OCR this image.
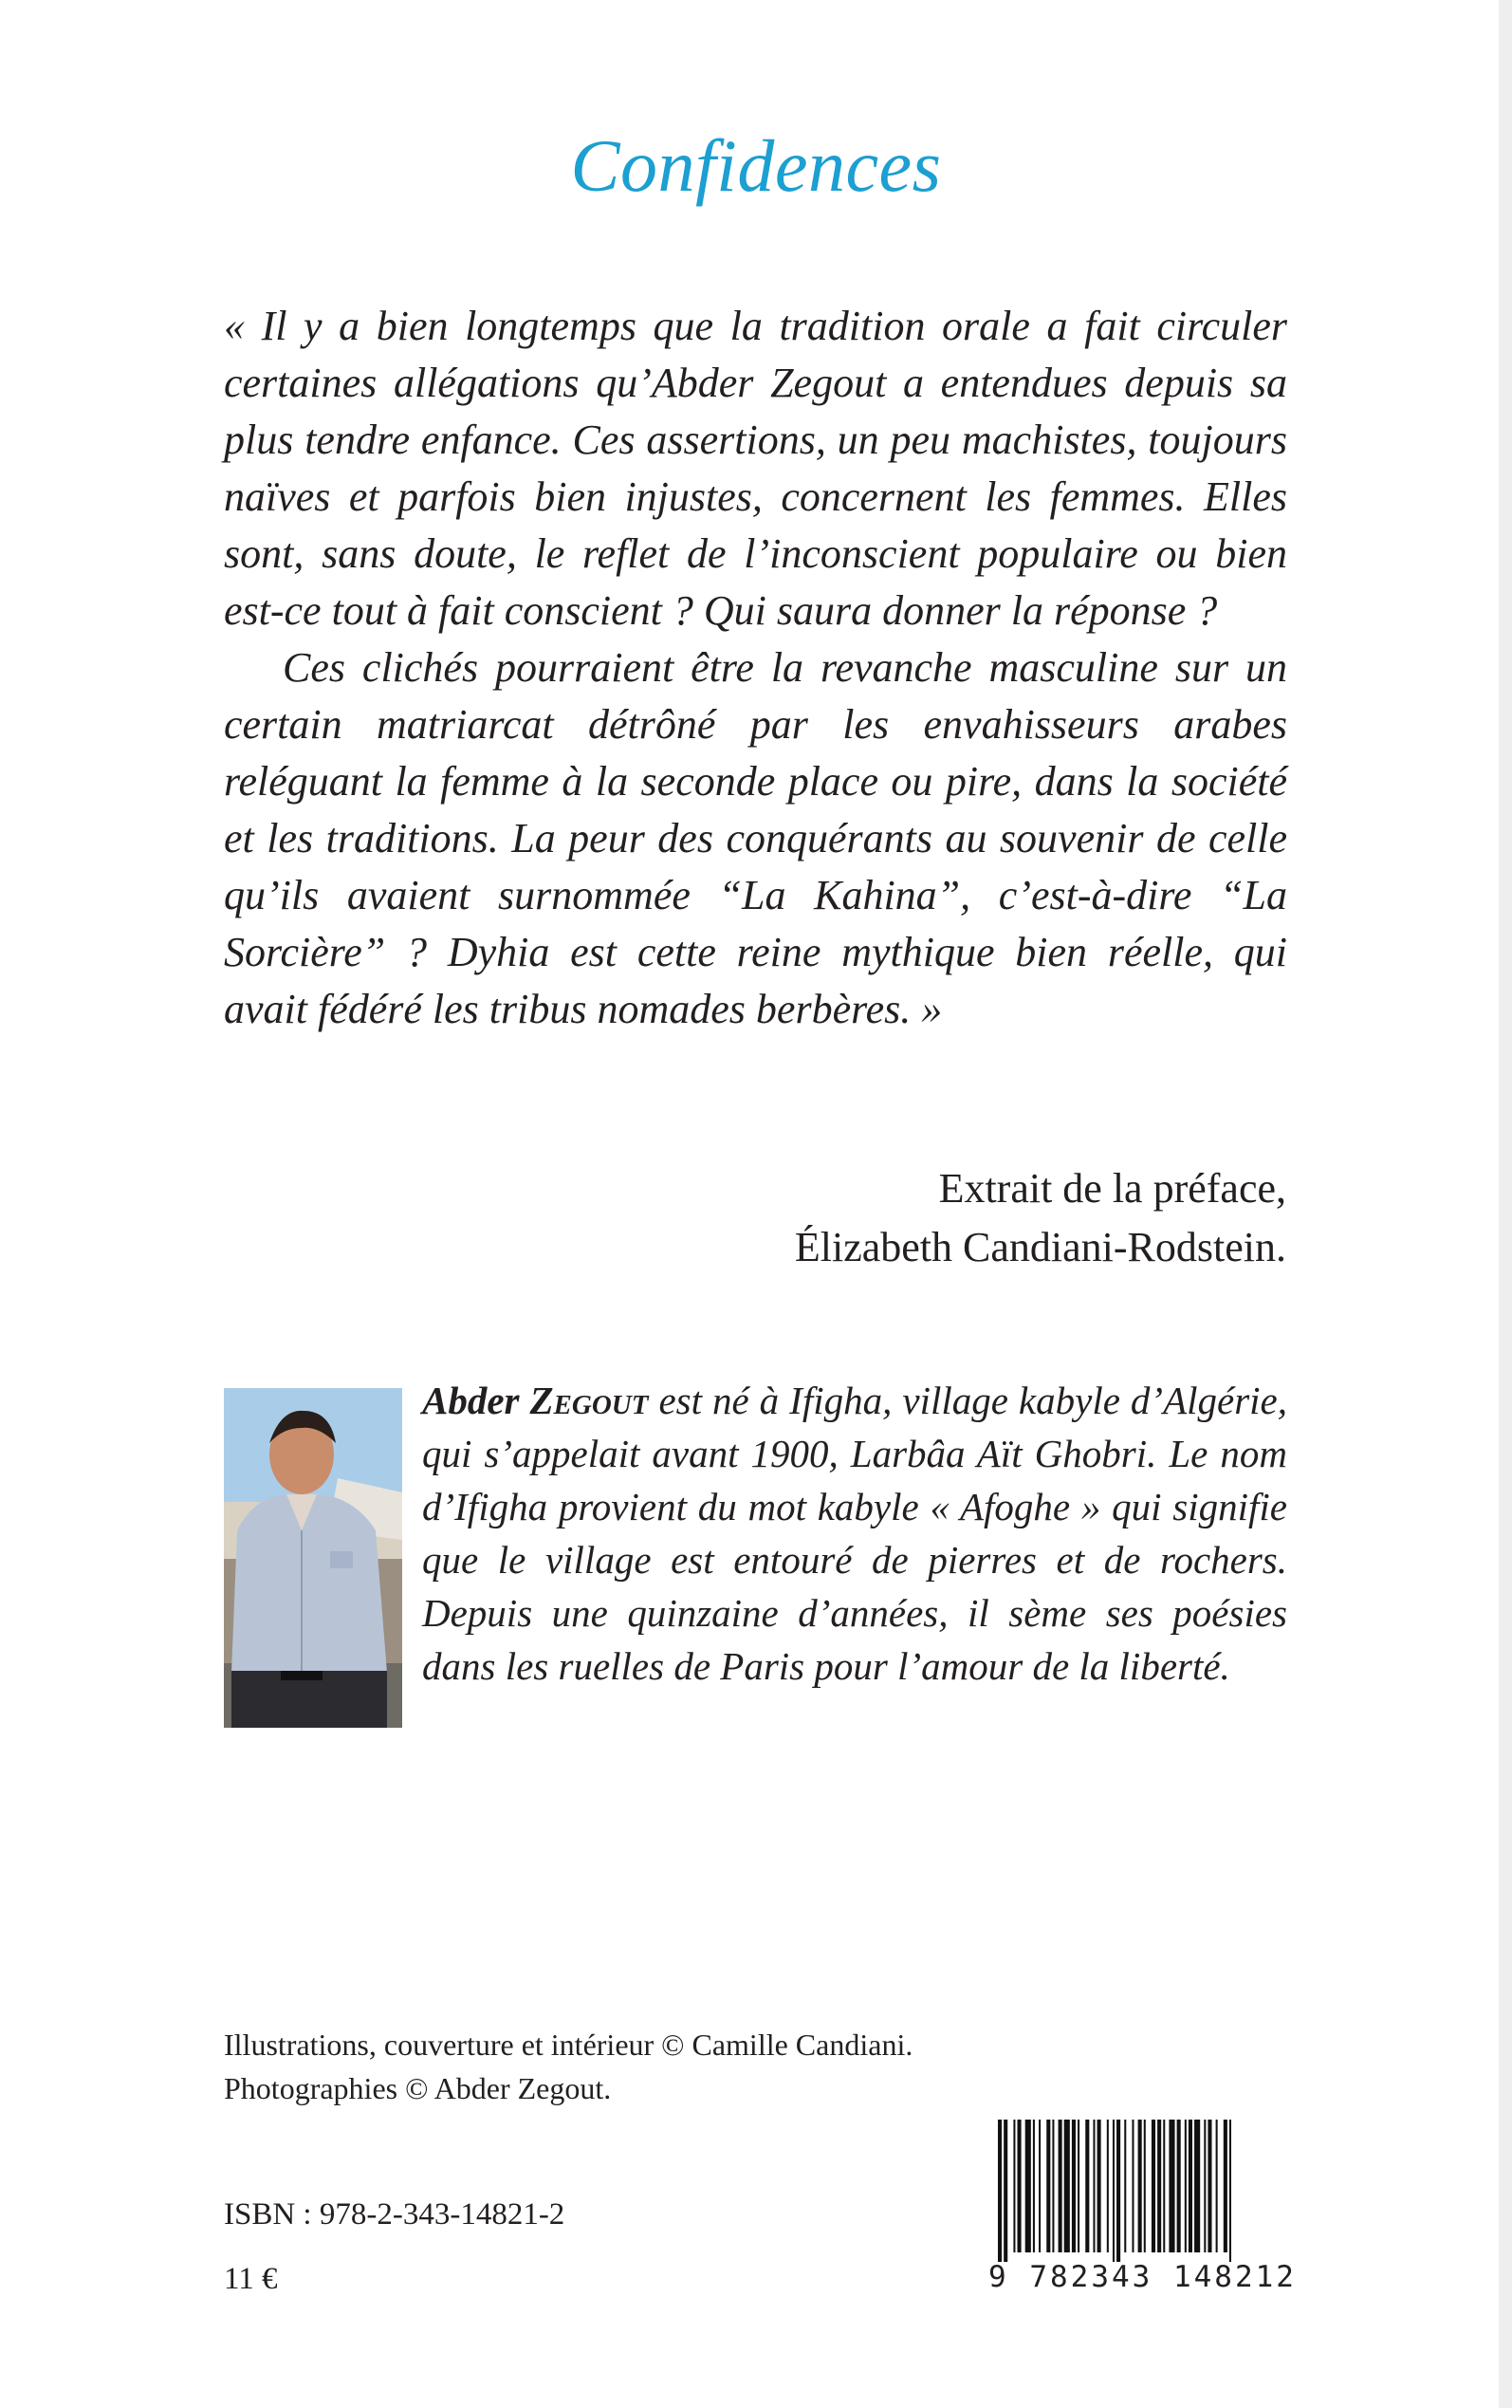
Confidences

« Il y a bien longtemps que la tradition orale a fait circuler certaines allégations qu’Abder Zegout a entendues depuis sa plus tendre enfance. Ces assertions, un peu machistes, toujours naïves et parfois bien injustes, concernent les femmes. Elles sont, sans doute, le reflet de l’inconscient populaire ou bien est-ce tout à fait conscient ? Qui saura donner la réponse ?

Ces clichés pourraient être la revanche masculine sur un certain matriarcat détrôné par les envahisseurs arabes reléguant la femme à la seconde place ou pire, dans la société et les traditions. La peur des conquérants au souvenir de celle qu’ils avaient surnommée “La Kahina”, c’est-à-dire “La Sorcière” ? Dyhia est cette reine mythique bien réelle, qui avait fédéré les tribus nomades berbères. »

Extrait de la préface,
Élizabeth Candiani-Rodstein.

Abder Zegout est né à Ifigha, village kabyle d’Algérie, qui s’appelait avant 1900, Larbâa Aït Ghobri. Le nom d’Ifigha provient du mot kabyle « Afoghe » qui signifie que le village est entouré de pierres et de rochers. Depuis une quinzaine d’années, il sème ses poésies dans les ruelles de Paris pour l’amour de la liberté.

Illustrations, couverture et intérieur © Camille Candiani.
Photographies © Abder Zegout.
ISBN : 978-2-343-14821-2
11 €	9 782343 148212
